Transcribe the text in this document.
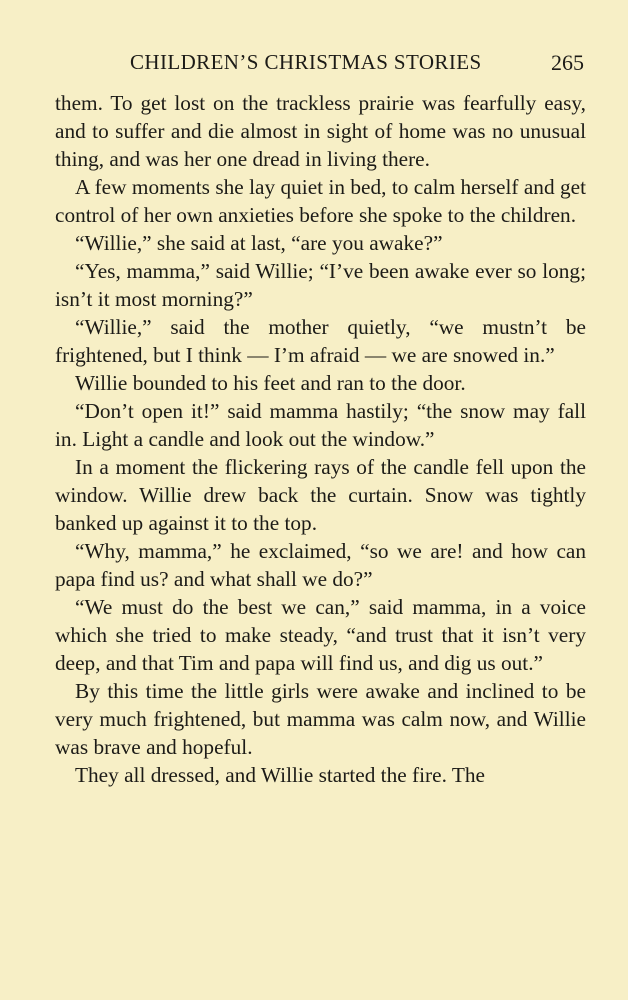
CHILDREN’S CHRISTMAS STORIES	265

them. To get lost on the trackless prairie was fearfully easy, and to suffer and die almost in sight of home was no unusual thing, and was her one dread in living there.

A few moments she lay quiet in bed, to calm herself and get control of her own anxieties before she spoke to the children.

“Willie,” she said at last, “are you awake?”

“Yes, mamma,” said Willie; “I’ve been awake ever so long; isn’t it most morning?”

“Willie,” said the mother quietly, “we mustn’t be frightened, but I think — I’m afraid — we are snowed in.”

Willie bounded to his feet and ran to the door.

“Don’t open it!” said mamma hastily; “the snow may fall in. Light a candle and look out the window.”

In a moment the flickering rays of the candle fell upon the window. Willie drew back the curtain. Snow was tightly banked up against it to the top.

“Why, mamma,” he exclaimed, “so we are! and how can papa find us? and what shall we do?”

“We must do the best we can,” said mamma, in a voice which she tried to make steady, “and trust that it isn’t very deep, and that Tim and papa will find us, and dig us out.”

By this time the little girls were awake and inclined to be very much frightened, but mamma was calm now, and Willie was brave and hopeful.

They all dressed, and Willie started the fire. The
